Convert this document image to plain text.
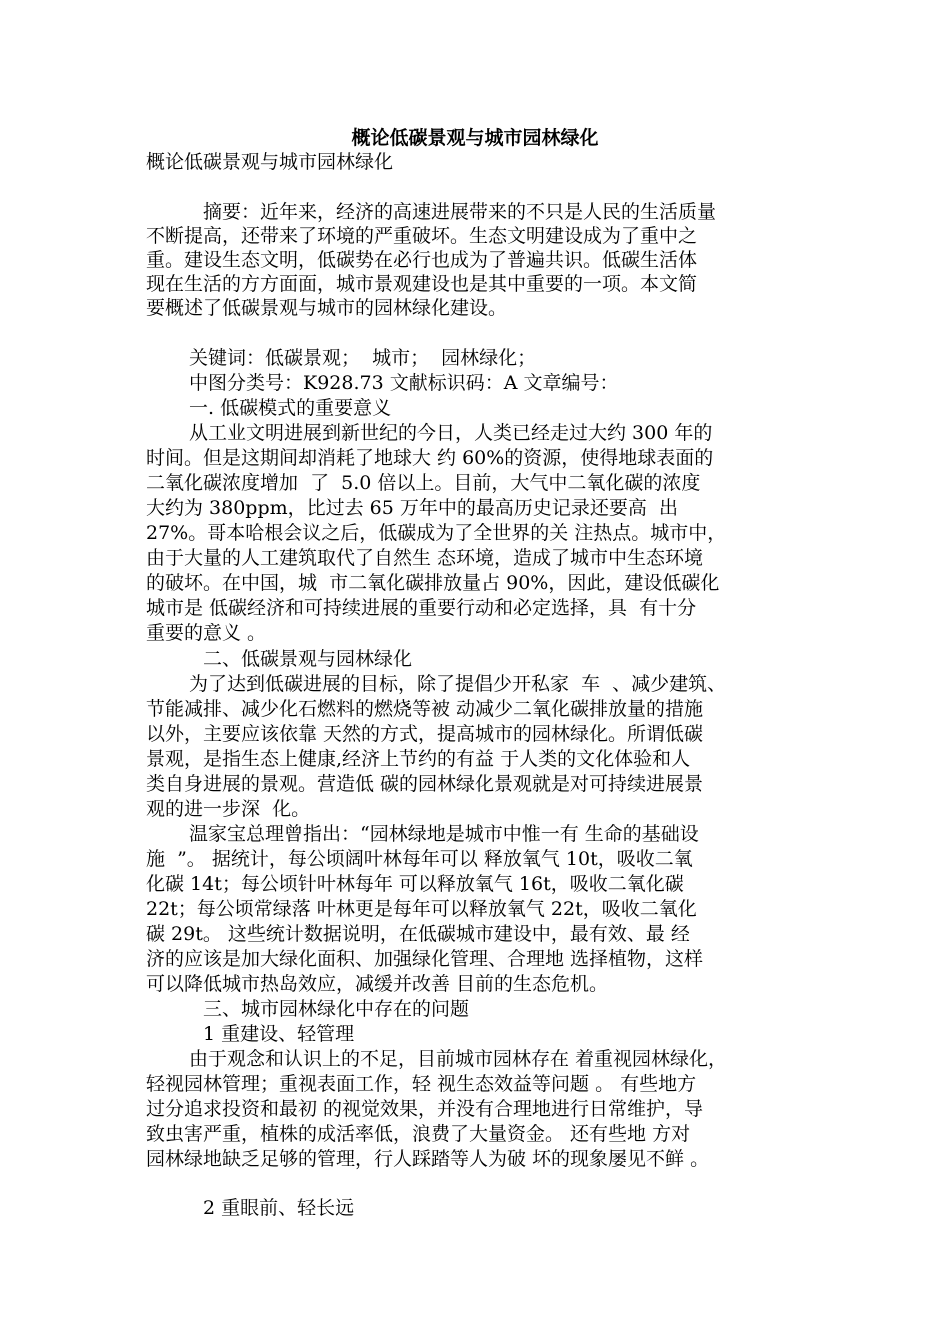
概论低碳景观与城市园林绿化
概论低碳景观与城市园林绿化
摘要：近年来，经济的高速进展带来的不只是人民的生活质量
不断提高，还带来了环境的严重破坏。生态文明建设成为了重中之
重。建设生态文明，低碳势在必行也成为了普遍共识。低碳生活体
现在生活的方方面面，城市景观建设也是其中重要的一项。本文简
要概述了低碳景观与城市的园林绿化建设。
关键词：低碳景观；  城市；  园林绿化；
中图分类号：K928.73 文献标识码：A 文章编号：
一. 低碳模式的重要意义
从工业文明进展到新世纪的今日，人类已经走过大约 300 年的
时间。但是这期间却消耗了地球大 约 60%的资源，使得地球表面的
二氧化碳浓度增加  了  5.0 倍以上。目前，大气中二氧化碳的浓度
大约为 380ppm，比过去 65 万年中的最高历史记录还要高  出
27%。哥本哈根会议之后，低碳成为了全世界的关 注热点。城市中，
由于大量的人工建筑取代了自然生 态环境，造成了城市中生态环境
的破坏。在中国，城  市二氧化碳排放量占 90%，因此，建设低碳化
城市是 低碳经济和可持续进展的重要行动和必定选择，具  有十分
重要的意义 。
二、低碳景观与园林绿化
为了达到低碳进展的目标，除了提倡少开私家  车  、减少建筑、
节能减排、减少化石燃料的燃烧等被 动减少二氧化碳排放量的措施
以外，主要应该依靠 天然的方式，提高城市的园林绿化。所谓低碳
景观，是指生态上健康,经济上节约的有益 于人类的文化体验和人
类自身进展的景观。营造低 碳的园林绿化景观就是对可持续进展景
观的进一步深  化。
温家宝总理曾指出：“园林绿地是城市中惟一有 生命的基础设
施  ”。 据统计，每公顷阔叶林每年可以 释放氧气 10t，吸收二氧
化碳 14t；每公顷针叶林每年 可以释放氧气 16t，吸收二氧化碳
22t；每公顷常绿落 叶林更是每年可以释放氧气 22t，吸收二氧化
碳 29t。 这些统计数据说明，在低碳城市建设中，最有效、最 经
济的应该是加大绿化面积、加强绿化管理、合理地 选择植物，这样
可以降低城市热岛效应，减缓并改善 目前的生态危机。
三、城市园林绿化中存在的问题
1 重建设、轻管理
由于观念和认识上的不足，目前城市园林存在 着重视园林绿化，
轻视园林管理；重视表面工作，轻 视生态效益等问题 。 有些地方
过分追求投资和最初 的视觉效果，并没有合理地进行日常维护，导
致虫害严重，植株的成活率低，浪费了大量资金。 还有些地 方对
园林绿地缺乏足够的管理，行人踩踏等人为破 坏的现象屡见不鲜 。
2 重眼前、轻长远
